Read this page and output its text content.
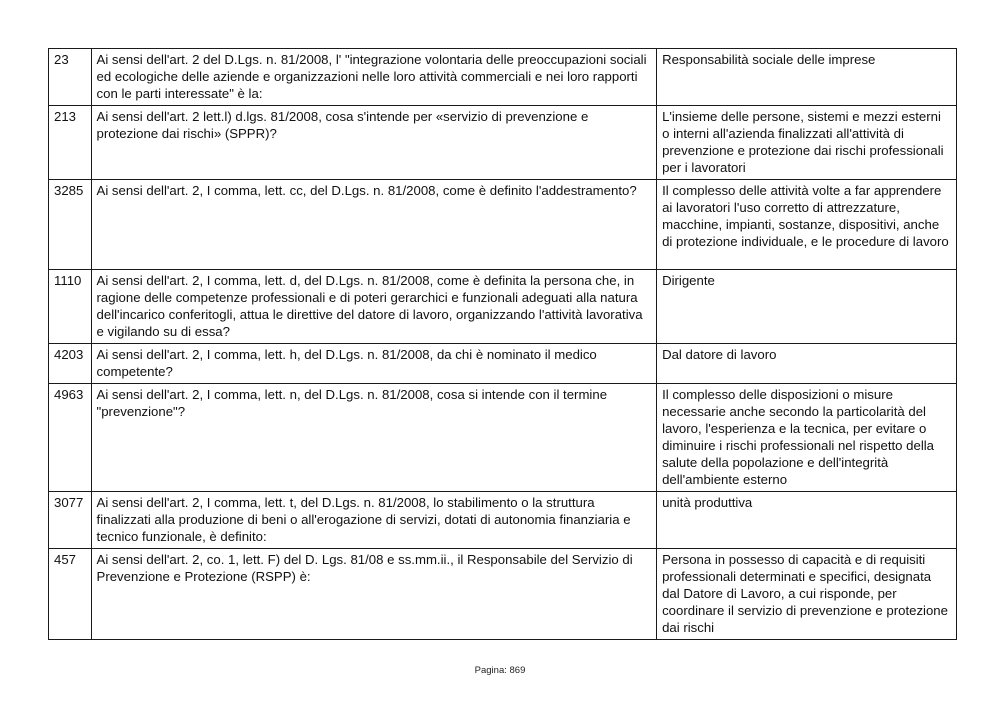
23	Ai sensi dell'art. 2 del D.Lgs. n. 81/2008, l' "integrazione volontaria delle preoccupazioni sociali ed ecologiche delle aziende e organizzazioni nelle loro attività commerciali e nei loro rapporti con le parti interessate" è la:	Responsabilità sociale delle imprese
213	Ai sensi dell'art. 2 lett.l) d.lgs. 81/2008, cosa s'intende per «servizio di prevenzione e protezione dai rischi» (SPPR)?	L'insieme delle persone, sistemi e mezzi esterni o interni all'azienda finalizzati all'attività di prevenzione e protezione dai rischi professionali per i lavoratori
3285	Ai sensi dell'art. 2, I comma, lett. cc, del D.Lgs. n. 81/2008, come è definito l'addestramento?	Il complesso delle attività volte a far apprendere ai lavoratori l'uso corretto di attrezzature, macchine, impianti, sostanze, dispositivi, anche di protezione individuale, e le procedure di lavoro
1110	Ai sensi dell'art. 2, I comma, lett. d, del D.Lgs. n. 81/2008, come è definita la persona che, in ragione delle competenze professionali e di poteri gerarchici e funzionali adeguati alla natura dell'incarico conferitogli, attua le direttive del datore di lavoro, organizzando l'attività lavorativa e vigilando su di essa?	Dirigente
4203	Ai sensi dell'art. 2, I comma, lett. h, del D.Lgs. n. 81/2008, da chi è nominato il medico competente?	Dal datore di lavoro
4963	Ai sensi dell'art. 2, I comma, lett. n, del D.Lgs. n. 81/2008, cosa si intende con il termine "prevenzione"?	Il complesso delle disposizioni o misure necessarie anche secondo la particolarità del lavoro, l'esperienza e la tecnica, per evitare o diminuire i rischi professionali nel rispetto della salute della popolazione e dell'integrità dell'ambiente esterno
3077	Ai sensi dell'art. 2, I comma, lett. t, del D.Lgs. n. 81/2008, lo stabilimento o la struttura finalizzati alla produzione di beni o all'erogazione di servizi, dotati di autonomia finanziaria e tecnico funzionale, è definito:	unità produttiva
457	Ai sensi dell'art. 2, co. 1, lett. F) del D. Lgs. 81/08 e ss.mm.ii., il Responsabile del Servizio di Prevenzione e Protezione (RSPP) è:	Persona in possesso di capacità e di requisiti professionali determinati e specifici, designata dal Datore di Lavoro, a cui risponde, per coordinare il servizio di prevenzione e protezione dai rischi
Pagina: 869
